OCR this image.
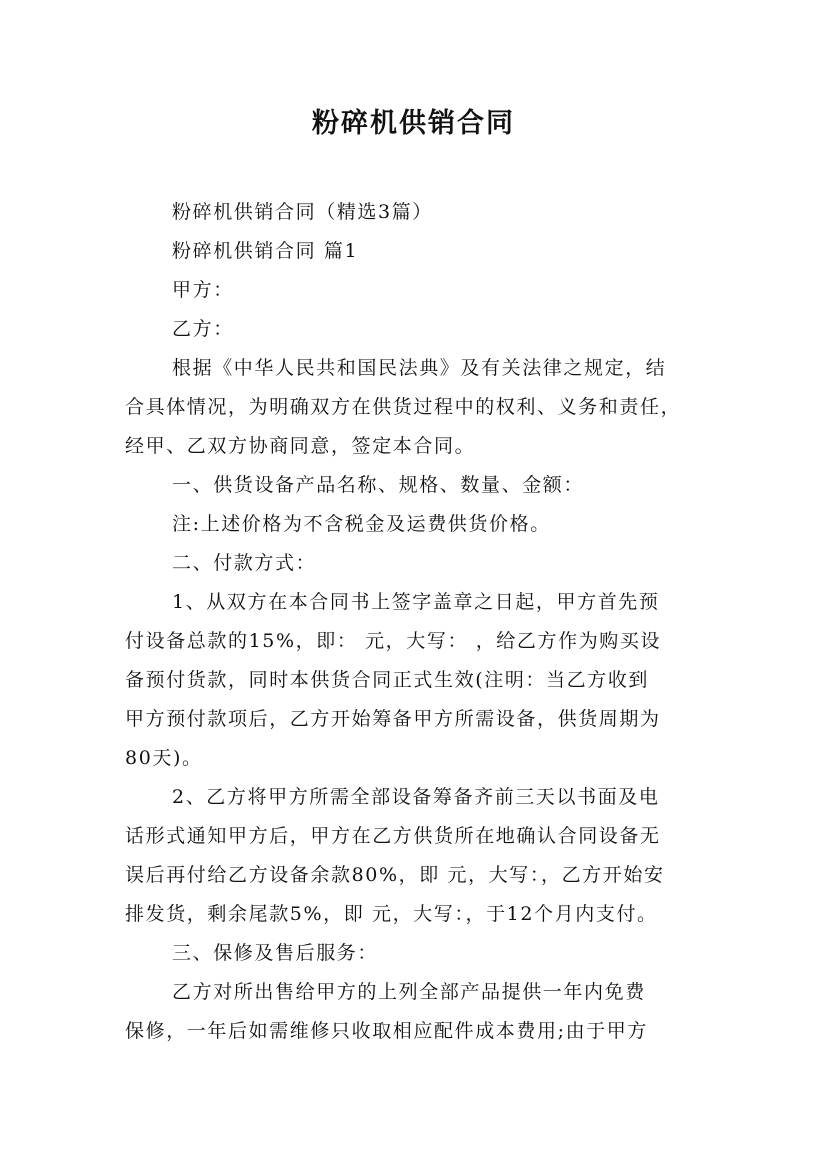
粉碎机供销合同
粉碎机供销合同（精选3篇）
粉碎机供销合同 篇1
甲方：
乙方：
根据《中华人民共和国民法典》及有关法律之规定，结
合具体情况，为明确双方在供货过程中的权利、义务和责任，
经甲、乙双方协商同意，签定本合同。
一、供货设备产品名称、规格、数量、金额：
注:上述价格为不含税金及运费供货价格。
二、付款方式：
1、从双方在本合同书上签字盖章之日起，甲方首先预
付设备总款的15%，即： 元，大写： ，给乙方作为购买设
备预付货款，同时本供货合同正式生效(注明：当乙方收到
甲方预付款项后，乙方开始筹备甲方所需设备，供货周期为
80天)。
2、乙方将甲方所需全部设备筹备齐前三天以书面及电
话形式通知甲方后，甲方在乙方供货所在地确认合同设备无
误后再付给乙方设备余款80%，即 元，大写：，乙方开始安
排发货，剩余尾款5%，即 元，大写：，于12个月内支付。
三、保修及售后服务：
乙方对所出售给甲方的上列全部产品提供一年内免费
保修，一年后如需维修只收取相应配件成本费用;由于甲方
